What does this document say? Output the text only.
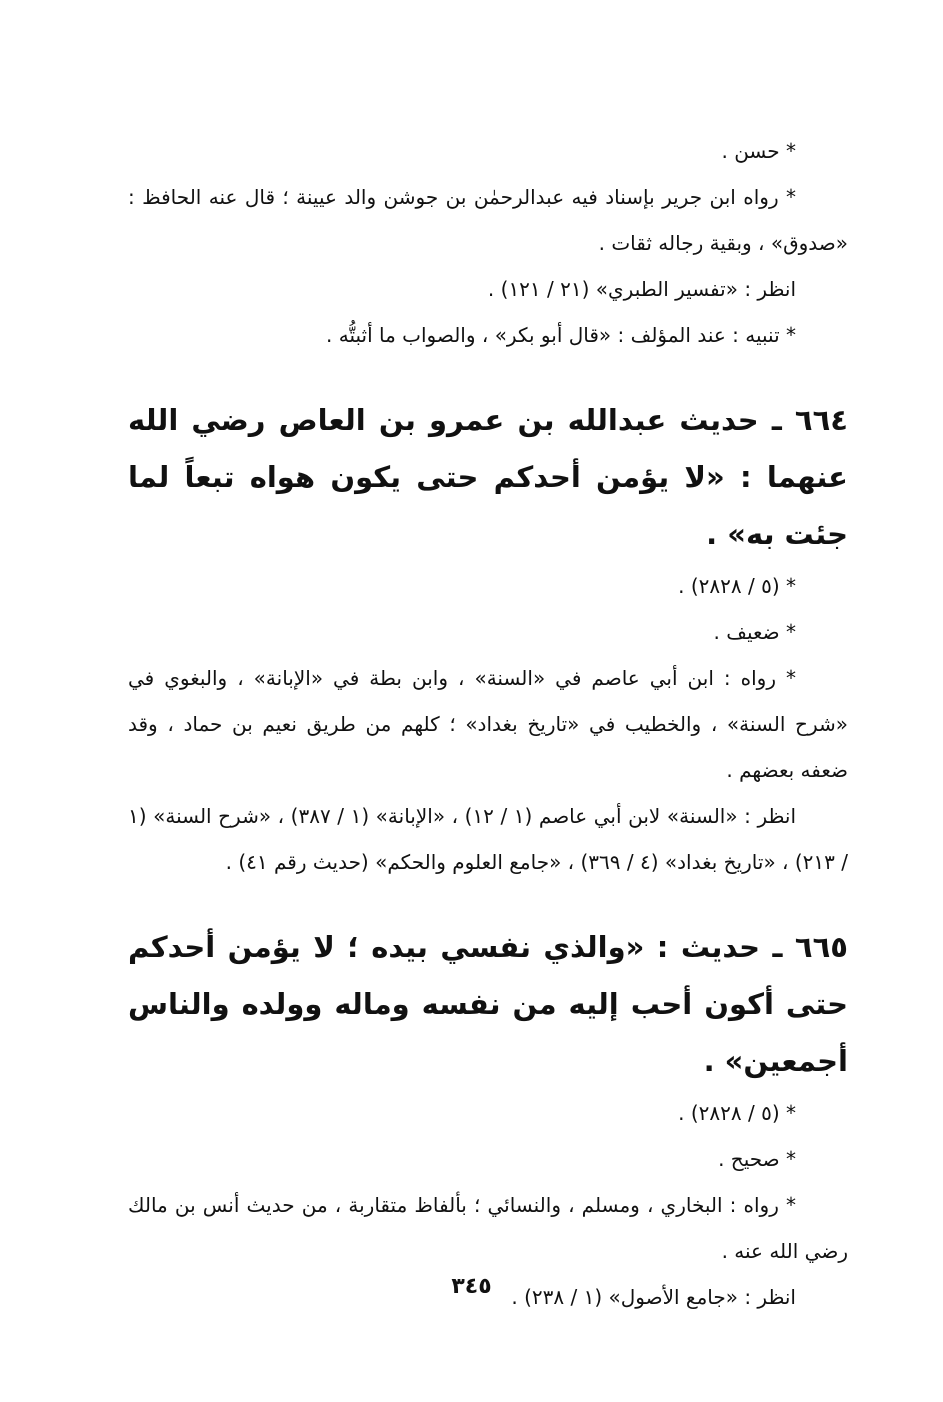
* حسن .

* رواه ابن جرير بإسناد فيه عبدالرحمٰن بن جوشن والد عيينة ؛ قال عنه الحافظ : «صدوق» ، وبقية رجاله ثقات .

انظر : «تفسير الطبري» (٢١ / ١٢١) .

* تنبيه : عند المؤلف : «قال أبو بكر» ، والصواب ما أثبتُّه .

٦٦٤ ـ حديث عبدالله بن عمرو بن العاص رضي الله عنهما : «لا يؤمن أحدكم حتى يكون هواه تبعاً لما جئت به» .

* (٥ / ٢٨٢٨) .

* ضعيف .

* رواه : ابن أبي عاصم في «السنة» ، وابن بطة في «الإبانة» ، والبغوي في «شرح السنة» ، والخطيب في «تاريخ بغداد» ؛ كلهم من طريق نعيم بن حماد ، وقد ضعفه بعضهم .

انظر : «السنة» لابن أبي عاصم (١ / ١٢) ، «الإبانة» (١ / ٣٨٧) ، «شرح السنة» (١ / ٢١٣) ، «تاريخ بغداد» (٤ / ٣٦٩) ، «جامع العلوم والحكم» (حديث رقم ٤١) .

٦٦٥ ـ حديث : «والذي نفسي بيده ؛ لا يؤمن أحدكم حتى أكون أحب إليه من نفسه وماله وولده والناس أجمعين» .

* (٥ / ٢٨٢٨) .

* صحيح .

* رواه : البخاري ، ومسلم ، والنسائي ؛ بألفاظ متقاربة ، من حديث أنس بن مالك رضي الله عنه .

انظر : «جامع الأصول» (١ / ٢٣٨) .

٣٤٥
